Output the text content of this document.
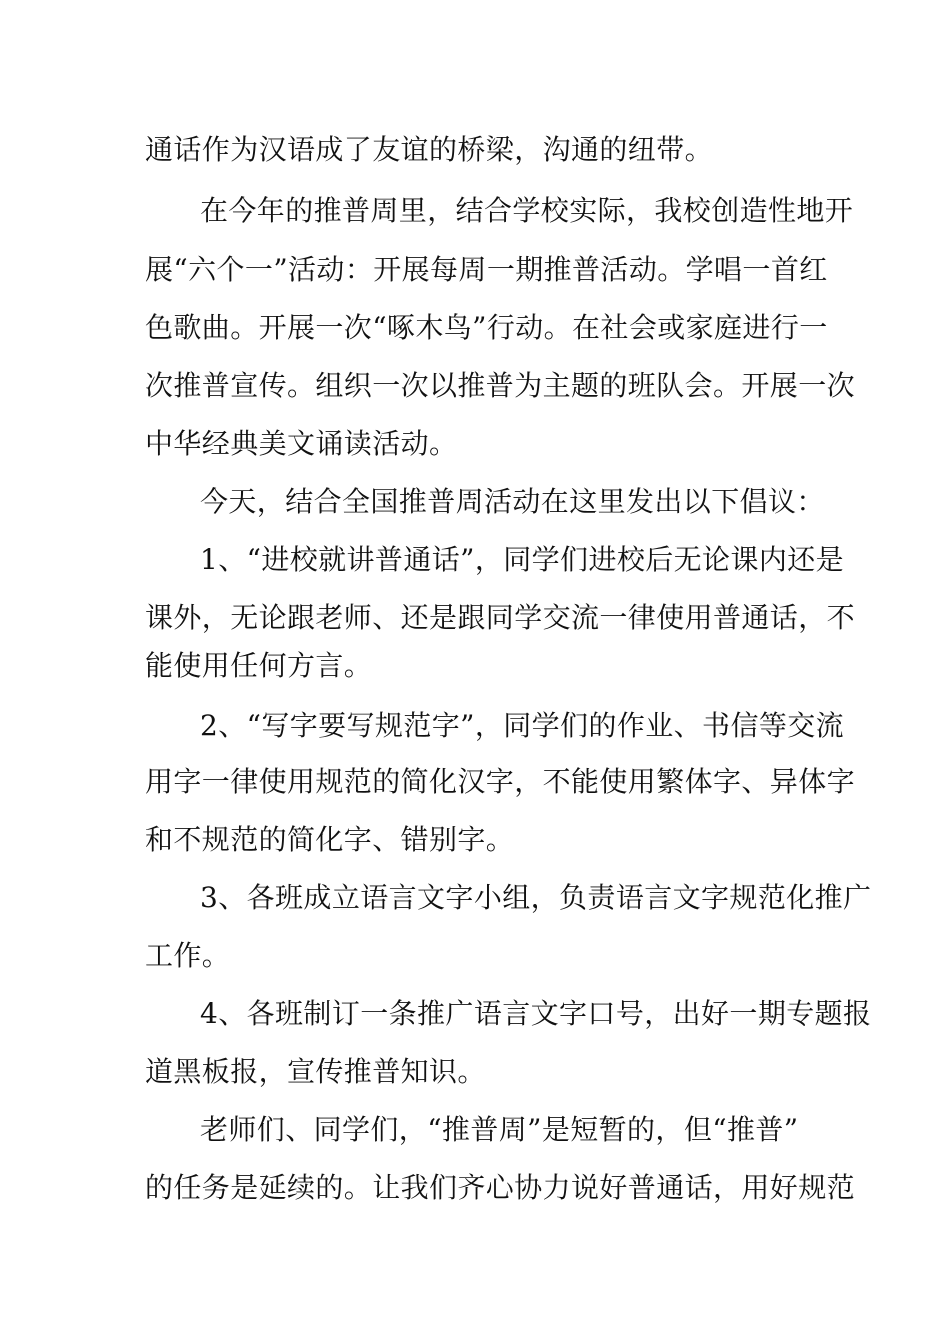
通话作为汉语成了友谊的桥梁，沟通的纽带。
在今年的推普周里，结合学校实际，我校创造性地开
展“六个一”活动：开展每周一期推普活动。学唱一首红
色歌曲。开展一次“啄木鸟”行动。在社会或家庭进行一
次推普宣传。组织一次以推普为主题的班队会。开展一次
中华经典美文诵读活动。
今天，结合全国推普周活动在这里发出以下倡议：
1、“进校就讲普通话”，同学们进校后无论课内还是
课外，无论跟老师、还是跟同学交流一律使用普通话，不
能使用任何方言。
2、“写字要写规范字”，同学们的作业、书信等交流
用字一律使用规范的简化汉字，不能使用繁体字、异体字
和不规范的简化字、错别字。
3、各班成立语言文字小组，负责语言文字规范化推广
工作。
4、各班制订一条推广语言文字口号，出好一期专题报
道黑板报，宣传推普知识。
老师们、同学们，“推普周”是短暂的，但“推普”
的任务是延续的。让我们齐心协力说好普通话，用好规范
